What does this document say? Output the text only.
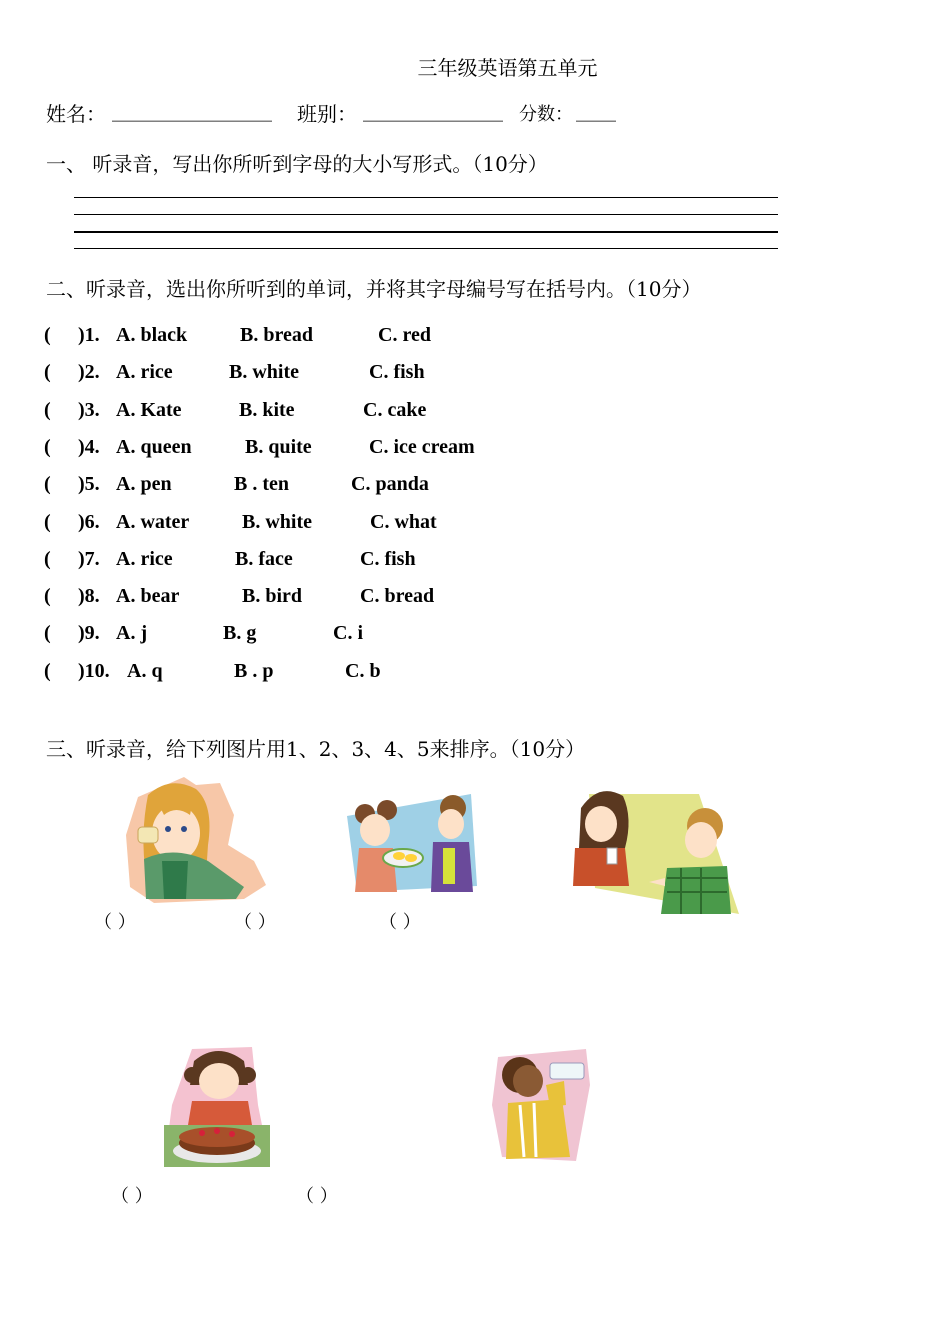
三年级英语第五单元
姓名： ________________ 班别： ______________ 分数： ____
一、 听录音，写出你所听到字母的大小写形式。（10分）
二、听录音，选出你所听到的单词，并将其字母编号写在括号内。（10分）
( )1. A. black	B. bread	C. red
( )2. A. rice	B. white	C. fish
( )3. A. Kate	B. kite	C. cake
( )4. A. queen	B. quite	C. ice cream
( )5. A. pen	B . ten	C. panda
( )6. A. water	B. white	C. what
( )7. A. rice	B. face	C. fish
( )8. A. bear	B. bird	C. bread
( )9. A. j	B. g	C. i
( )10. A. q	B . p	C. b
三、听录音，给下列图片用1、2、3、4、5来排序。（10分）
（ ）	（ ）	（ ）
（ ）	（ ）
